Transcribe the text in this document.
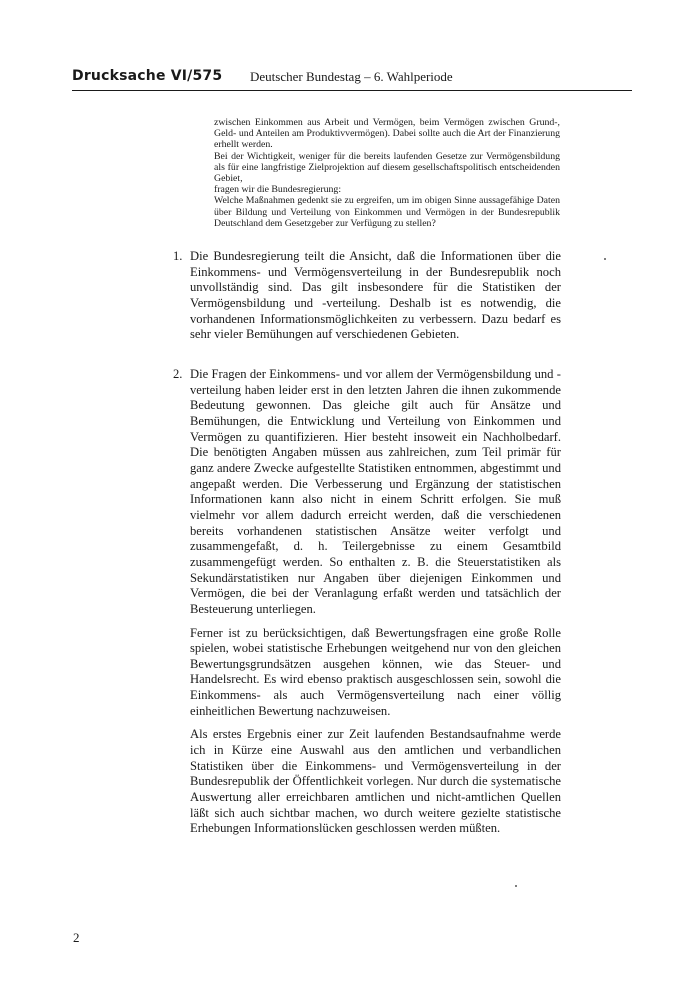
Drucksache VI/575 Deutscher Bundestag – 6. Wahlperiode

zwischen Einkommen aus Arbeit und Vermögen, beim Vermögen zwischen Grund-, Geld- und Anteilen am Produktivvermögen). Dabei sollte auch die Art der Finanzierung erhellt werden.

Bei der Wichtigkeit, weniger für die bereits laufenden Gesetze zur Vermögensbildung als für eine langfristige Zielprojektion auf diesem gesellschaftspolitisch entscheidenden Gebiet,

fragen wir die Bundesregierung:

Welche Maßnahmen gedenkt sie zu ergreifen, um im obigen Sinne aussagefähige Daten über Bildung und Verteilung von Einkommen und Vermögen in der Bundesrepublik Deutschland dem Gesetzgeber zur Verfügung zu stellen?

1. Die Bundesregierung teilt die Ansicht, daß die Informationen über die Einkommens- und Vermögensverteilung in der Bundesrepublik noch unvollständig sind. Das gilt insbesondere für die Statistiken der Vermögensbildung und -verteilung. Deshalb ist es notwendig, die vorhandenen Informationsmöglichkeiten zu verbessern. Dazu bedarf es sehr vieler Bemühungen auf verschiedenen Gebieten.

2. Die Fragen der Einkommens- und vor allem der Vermögensbildung und -verteilung haben leider erst in den letzten Jahren die ihnen zukommende Bedeutung gewonnen. Das gleiche gilt auch für Ansätze und Bemühungen, die Entwicklung und Verteilung von Einkommen und Vermögen zu quantifizieren. Hier besteht insoweit ein Nachholbedarf. Die benötigten Angaben müssen aus zahlreichen, zum Teil primär für ganz andere Zwecke aufgestellte Statistiken entnommen, abgestimmt und angepaßt werden. Die Verbesserung und Ergänzung der statistischen Informationen kann also nicht in einem Schritt erfolgen. Sie muß vielmehr vor allem dadurch erreicht werden, daß die verschiedenen bereits vorhandenen statistischen Ansätze weiter verfolgt und zusammengefaßt, d. h. Teilergebnisse zu einem Gesamtbild zusammengefügt werden. So enthalten z. B. die Steuerstatistiken als Sekundärstatistiken nur Angaben über diejenigen Einkommen und Vermögen, die bei der Veranlagung erfaßt werden und tatsächlich der Besteuerung unterliegen.

Ferner ist zu berücksichtigen, daß Bewertungsfragen eine große Rolle spielen, wobei statistische Erhebungen weitgehend nur von den gleichen Bewertungsgrundsätzen ausgehen können, wie das Steuer- und Handelsrecht. Es wird ebenso praktisch ausgeschlossen sein, sowohl die Einkommens- als auch Vermögensverteilung nach einer völlig einheitlichen Bewertung nachzuweisen.

Als erstes Ergebnis einer zur Zeit laufenden Bestandsaufnahme werde ich in Kürze eine Auswahl aus den amtlichen und verbandlichen Statistiken über die Einkommens- und Vermögensverteilung in der Bundesrepublik der Öffentlichkeit vorlegen. Nur durch die systematische Auswertung aller erreichbaren amtlichen und nicht-amtlichen Quellen läßt sich auch sichtbar machen, wo durch weitere gezielte statistische Erhebungen Informationslücken geschlossen werden müßten.

2
